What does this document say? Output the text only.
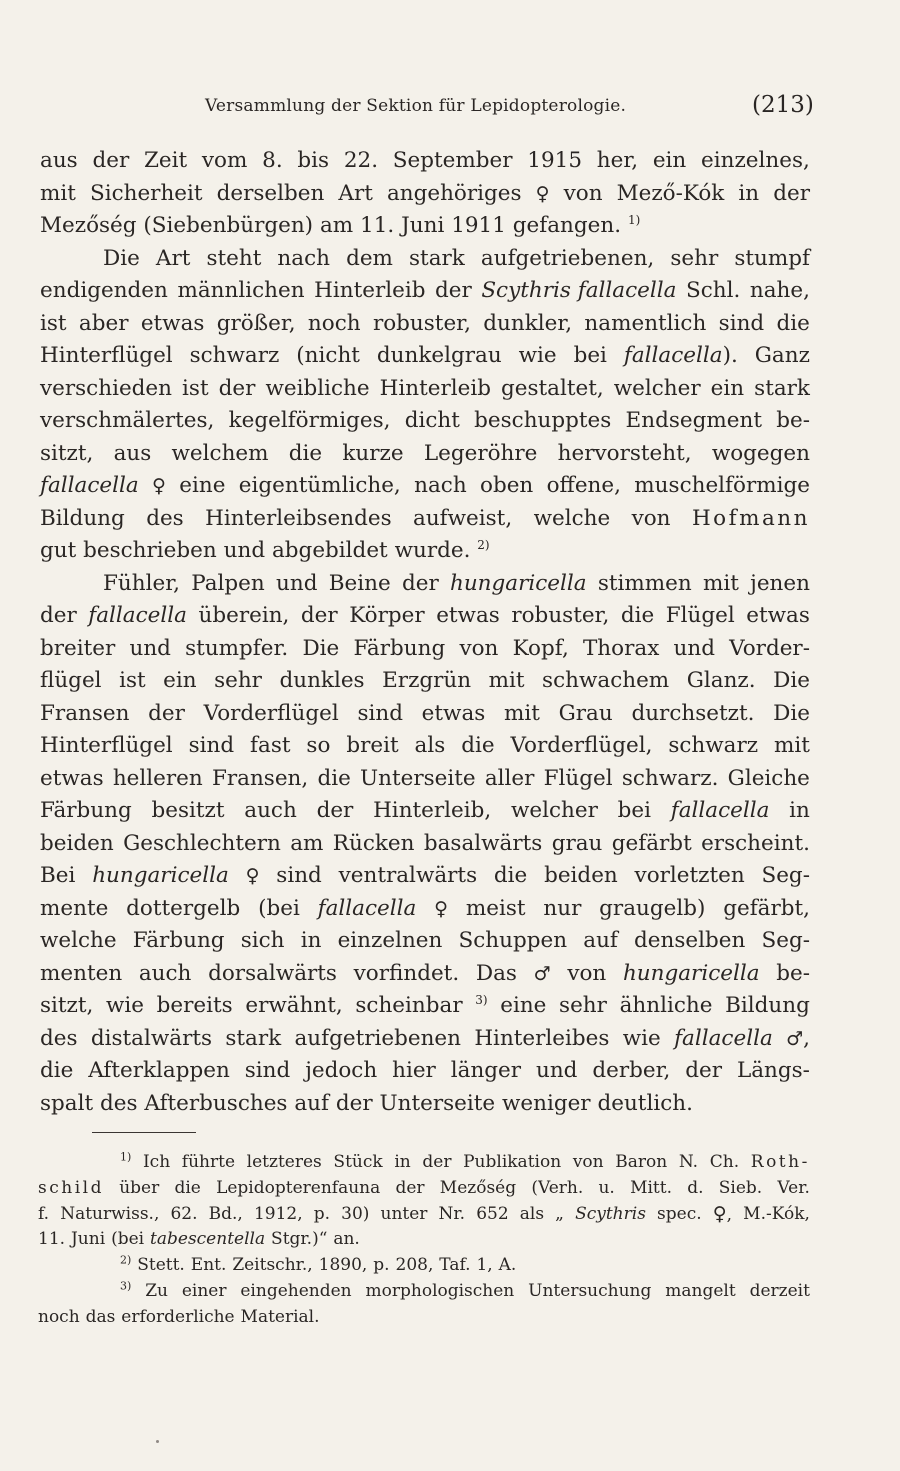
Versammlung der Sektion für Lepidopterologie.	(213)
aus der Zeit vom 8. bis 22. September 1915 her, ein einzelnes,
mit Sicherheit derselben Art angehöriges ♀ von Mező-Kók in der
Mezőség (Siebenbürgen) am 11. Juni 1911 gefangen. $^{1)}$
Die Art steht nach dem stark aufgetriebenen, sehr stumpf
endigenden männlichen Hinterleib der Scythris fallacella Schl. nahe,
ist aber etwas größer, noch robuster, dunkler, namentlich sind die
Hinterflügel schwarz (nicht dunkelgrau wie bei fallacella). Ganz
verschieden ist der weibliche Hinterleib gestaltet, welcher ein stark
verschmälertes, kegelförmiges, dicht beschupptes Endsegment be-
sitzt, aus welchem die kurze Legeröhre hervorsteht, wogegen
fallacella ♀ eine eigentümliche, nach oben offene, muschelförmige
Bildung des Hinterleibsendes aufweist, welche von Hofmann
gut beschrieben und abgebildet wurde. $^{2)}$
Fühler, Palpen und Beine der hungaricella stimmen mit jenen
der fallacella überein, der Körper etwas robuster, die Flügel etwas
breiter und stumpfer. Die Färbung von Kopf, Thorax und Vorder-
flügel ist ein sehr dunkles Erzgrün mit schwachem Glanz. Die
Fransen der Vorderflügel sind etwas mit Grau durchsetzt. Die
Hinterflügel sind fast so breit als die Vorderflügel, schwarz mit
etwas helleren Fransen, die Unterseite aller Flügel schwarz. Gleiche
Färbung besitzt auch der Hinterleib, welcher bei fallacella in
beiden Geschlechtern am Rücken basalwärts grau gefärbt erscheint.
Bei hungaricella ♀ sind ventralwärts die beiden vorletzten Seg-
mente dottergelb (bei fallacella ♀ meist nur graugelb) gefärbt,
welche Färbung sich in einzelnen Schuppen auf denselben Seg-
menten auch dorsalwärts vorfindet. Das ♂ von hungaricella be-
sitzt, wie bereits erwähnt, scheinbar $^{3)}$ eine sehr ähnliche Bildung
des distalwärts stark aufgetriebenen Hinterleibes wie fallacella ♂,
die Afterklappen sind jedoch hier länger und derber, der Längs-
spalt des Afterbusches auf der Unterseite weniger deutlich.
$^{1)}$ Ich führte letzteres Stück in der Publikation von Baron N. Ch. Roth-
schild über die Lepidopterenfauna der Mezőség (Verh. u. Mitt. d. Sieb. Ver.
f. Naturwiss., 62. Bd., 1912, p. 30) unter Nr. 652 als „ Scythris spec. ♀, M.-Kók,
11. Juni (bei tabescentella Stgr.)“ an.
$^{2)}$ Stett. Ent. Zeitschr., 1890, p. 208, Taf. 1, A.
$^{3)}$ Zu einer eingehenden morphologischen Untersuchung mangelt derzeit
noch das erforderliche Material.
